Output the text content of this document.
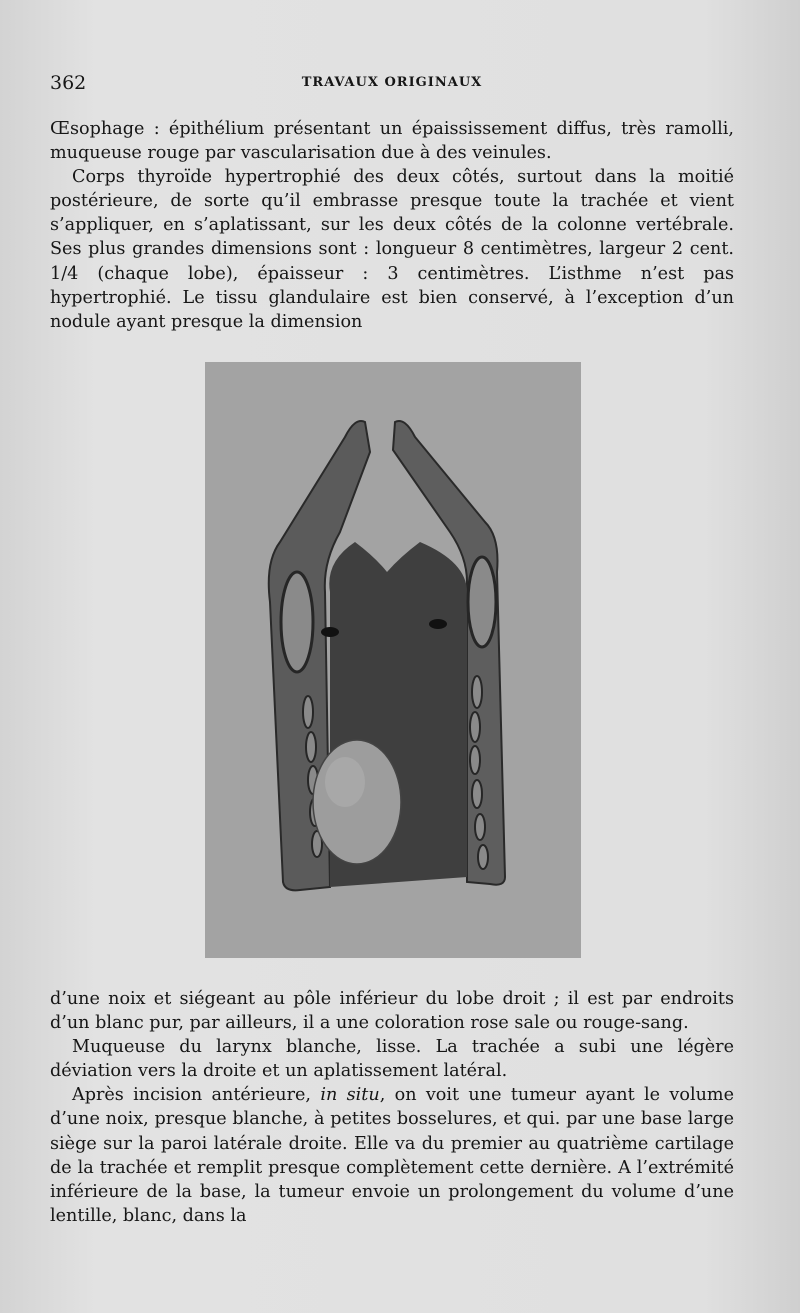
362	TRAVAUX ORIGINAUX

Œsophage : épithélium présentant un épaississement diffus, très ramolli, muqueuse rouge par vascularisation due à des veinules.

Corps thyroïde hypertrophié des deux côtés, surtout dans la moitié postérieure, de sorte qu’il embrasse presque toute la trachée et vient s’appliquer, en s’aplatissant, sur les deux côtés de la colonne vertébrale. Ses plus grandes dimensions sont : longueur 8 centimètres, largeur 2 cent. 1/4 (chaque lobe), épaisseur : 3 centimètres. L’isthme n’est pas hypertrophié. Le tissu glandulaire est bien conservé, à l’exception d’un nodule ayant presque la dimension

d’une noix et siégeant au pôle inférieur du lobe droit ; il est par endroits d’un blanc pur, par ailleurs, il a une coloration rose sale ou rouge-sang.

Muqueuse du larynx blanche, lisse. La trachée a subi une légère déviation vers la droite et un aplatissement latéral.

Après incision antérieure, in situ, on voit une tumeur ayant le volume d’une noix, presque blanche, à petites bosselures, et qui. par une base large siège sur la paroi latérale droite. Elle va du premier au quatrième cartilage de la trachée et remplit presque complètement cette dernière. A l’extrémité inférieure de la base, la tumeur envoie un prolongement du volume d’une lentille, blanc, dans la
